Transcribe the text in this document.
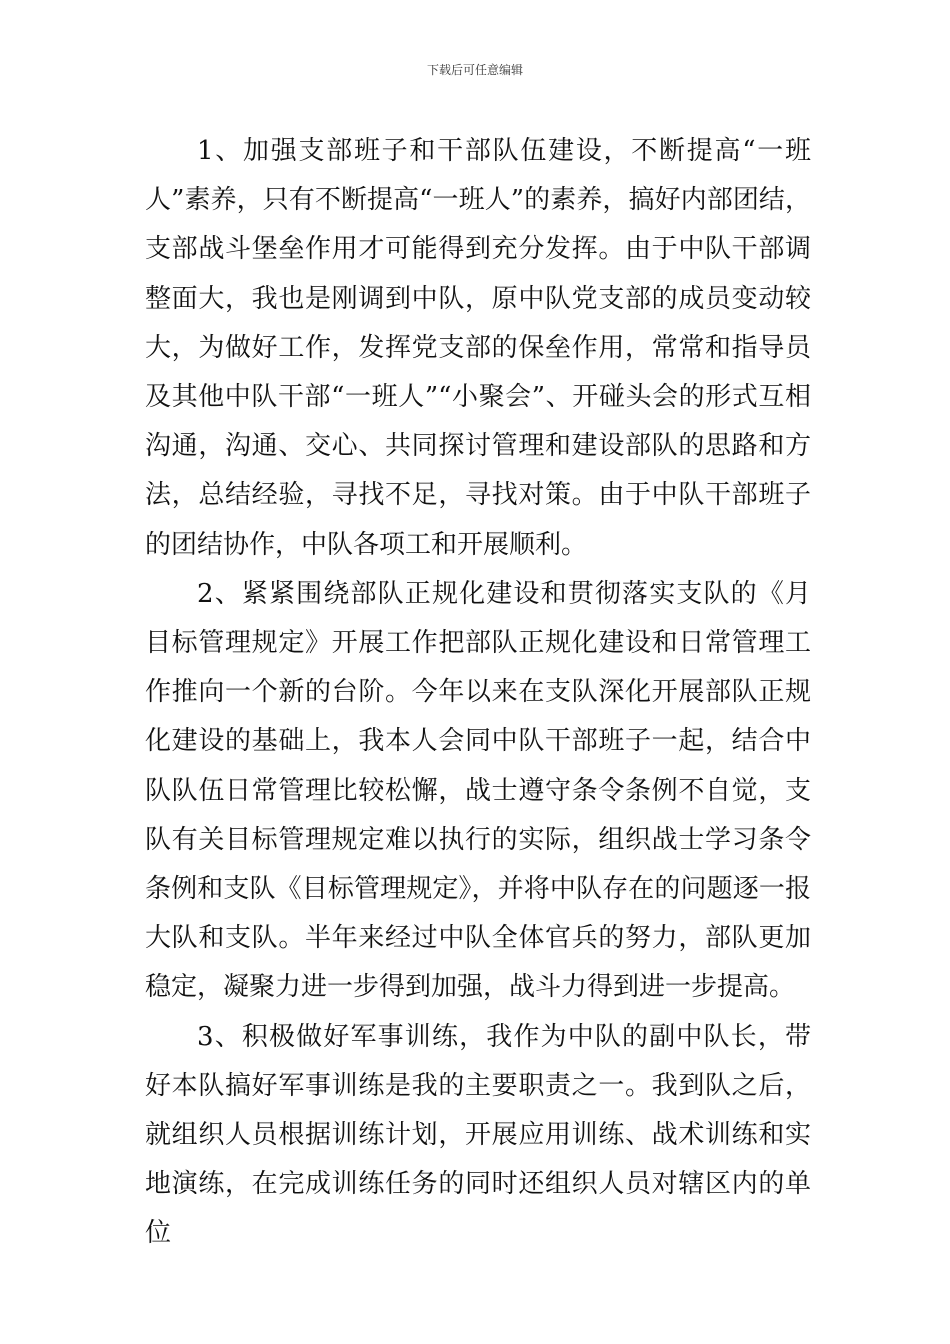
下载后可任意编辑

1、加强支部班子和干部队伍建设，不断提高“一班人”素养，只有不断提高“一班人”的素养，搞好内部团结，支部战斗堡垒作用才可能得到充分发挥。由于中队干部调整面大，我也是刚调到中队，原中队党支部的成员变动较大，为做好工作，发挥党支部的保垒作用，常常和指导员及其他中队干部“一班人”“小聚会”、开碰头会的形式互相沟通，沟通、交心、共同探讨管理和建设部队的思路和方法，总结经验，寻找不足，寻找对策。由于中队干部班子的团结协作，中队各项工和开展顺利。

2、紧紧围绕部队正规化建设和贯彻落实支队的《月目标管理规定》开展工作把部队正规化建设和日常管理工作推向一个新的台阶。今年以来在支队深化开展部队正规化建设的基础上，我本人会同中队干部班子一起，结合中队队伍日常管理比较松懈，战士遵守条令条例不自觉，支队有关目标管理规定难以执行的实际，组织战士学习条令条例和支队《目标管理规定》，并将中队存在的问题逐一报大队和支队。半年来经过中队全体官兵的努力，部队更加稳定，凝聚力进一步得到加强，战斗力得到进一步提高。

3、积极做好军事训练，我作为中队的副中队长，带好本队搞好军事训练是我的主要职责之一。我到队之后，就组织人员根据训练计划，开展应用训练、战术训练和实地演练，在完成训练任务的同时还组织人员对辖区内的单位
